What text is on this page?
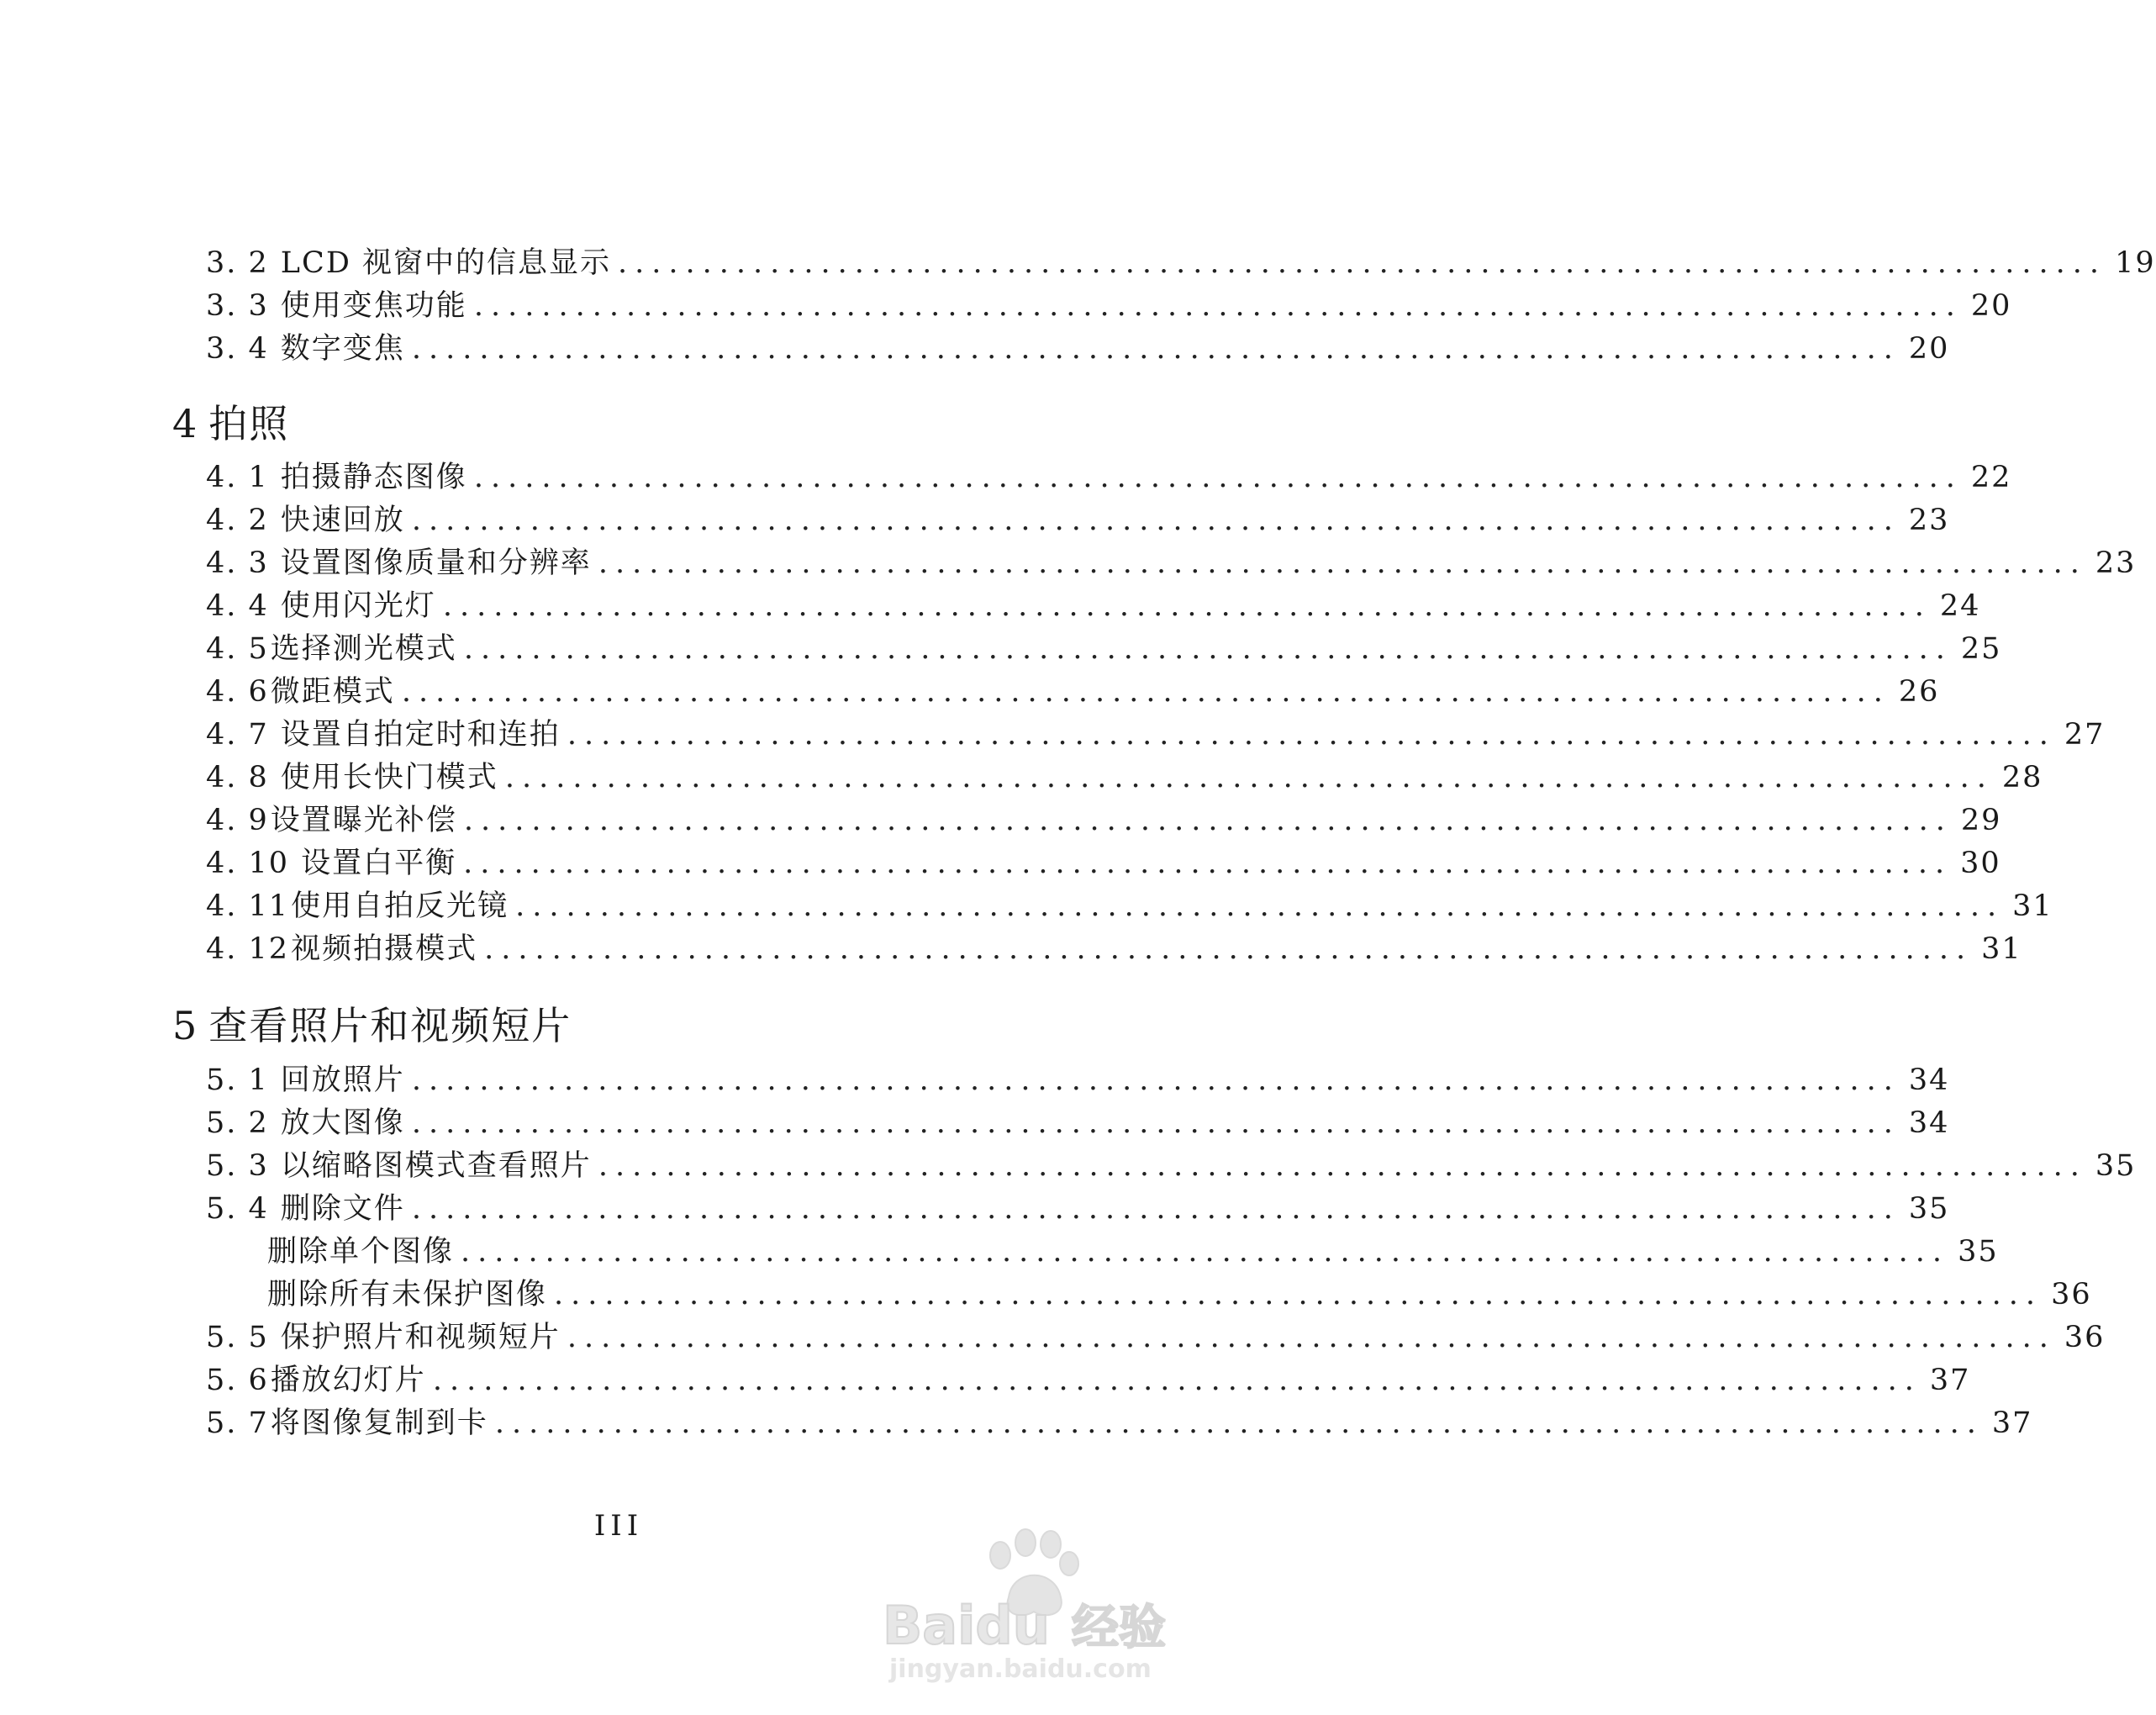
3. 2 LCD 视窗中的信息显示 ........................................................................................ 19
3. 3 使用变焦功能 ........................................................................................ 20
3. 4 数字变焦 ........................................................................................ 20
4 拍照
4. 1 拍摄静态图像 ........................................................................................ 22
4. 2 快速回放 ........................................................................................ 23
4. 3 设置图像质量和分辨率 ........................................................................................ 23
4. 4 使用闪光灯 ........................................................................................ 24
4. 5 选择测光模式 ........................................................................................ 25
4. 6 微距模式 ........................................................................................ 26
4. 7 设置自拍定时和连拍 ........................................................................................ 27
4. 8 使用长快门模式 ........................................................................................ 28
4. 9 设置曝光补偿 ........................................................................................ 29
4. 10 设置白平衡 ........................................................................................ 30
4. 11 使用自拍反光镜 ........................................................................................ 31
4. 12 视频拍摄模式 ........................................................................................ 31
5 查看照片和视频短片
5. 1 回放照片 ........................................................................................ 34
5. 2 放大图像 ........................................................................................ 34
5. 3 以缩略图模式查看照片 ........................................................................................ 35
5. 4 删除文件 ........................................................................................ 35
删除单个图像 ........................................................................................ 35
删除所有未保护图像 ........................................................................................ 36
5. 5 保护照片和视频短片 ........................................................................................ 36
5. 6 播放幻灯片 ........................................................................................ 37
5. 7 将图像复制到卡 ........................................................................................ 37
III
Baidu 经验
jingyan.baidu.com
